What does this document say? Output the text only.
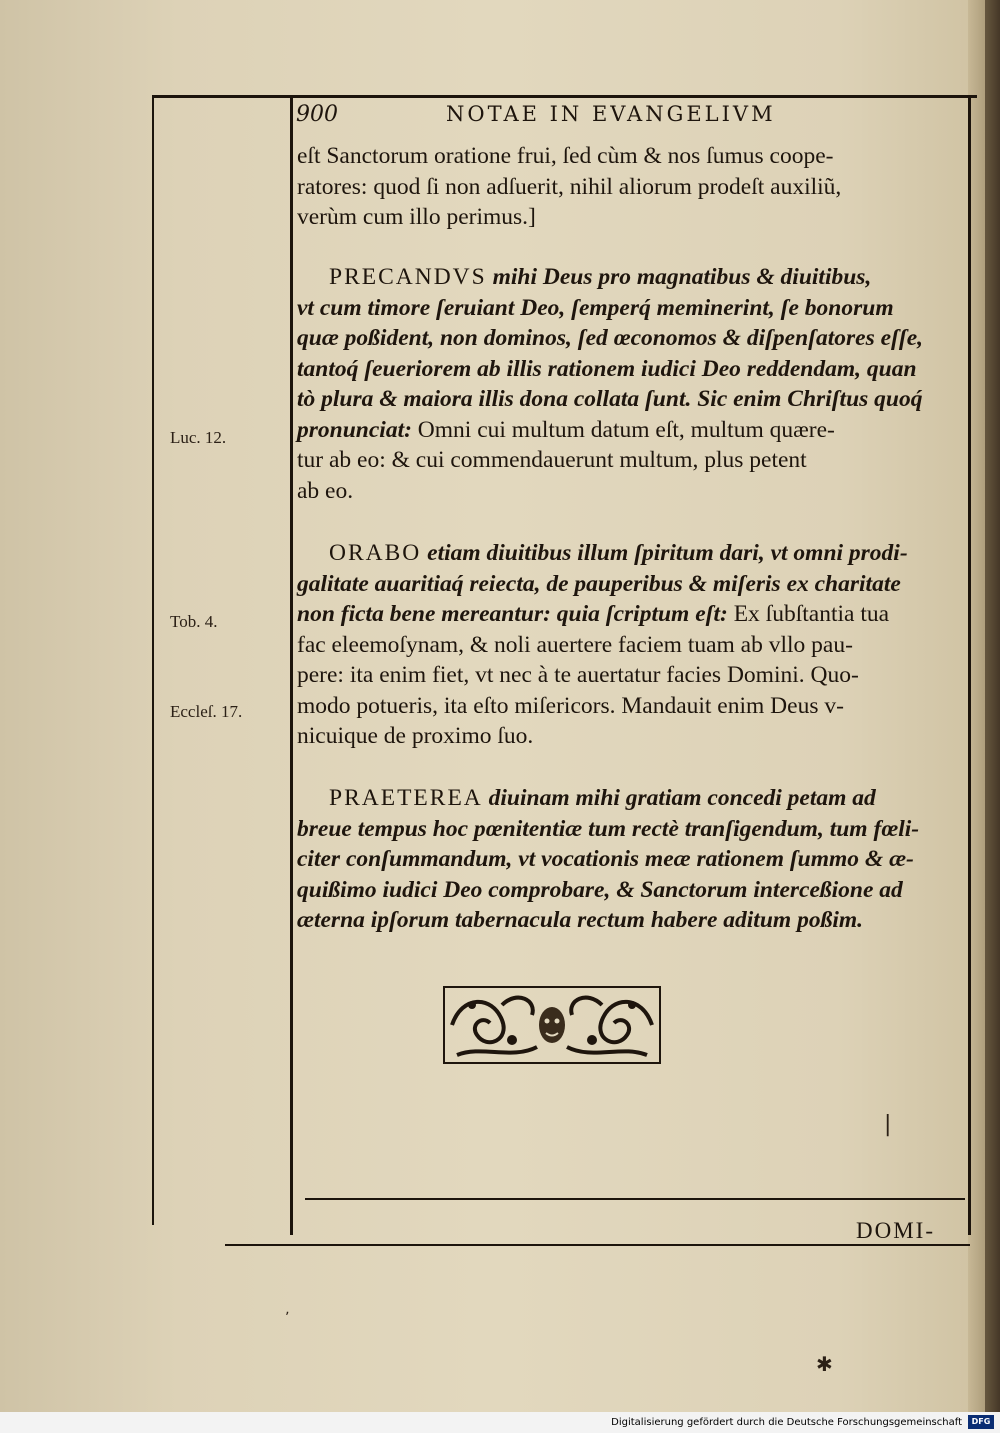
900	NOTAE IN EVANGELIVM

eſt Sanctorum oratione frui, ſed cùm & nos ſumus coope-

ratores: quod ſi non adſuerit, nihil aliorum prodeſt auxiliũ,

verùm cum illo perimus.]

PRECANDVS mihi Deus pro magnatibus & diuitibus,

vt cum timore ſeruiant Deo, ſemperq́ meminerint, ſe bonorum

quæ poßident, non dominos, ſed œconomos & diſpenſatores eſſe,

tantoq́ ſeueriorem ab illis rationem iudici Deo reddendam, quan

tò plura & maiora illis dona collata ſunt. Sic enim Chriſtus quoq́

pronunciat: Omni cui multum datum eſt, multum quære-

tur ab eo: & cui commendauerunt multum, plus petent

ab eo.

ORABO etiam diuitibus illum ſpiritum dari, vt omni prodi-

galitate auaritiaq́ reiecta, de pauperibus & miſeris ex charitate

non ficta bene mereantur: quia ſcriptum eſt: Ex ſubſtantia tua

fac eleemoſynam, & noli auertere faciem tuam ab vllo pau-

pere: ita enim fiet, vt nec à te auertatur facies Domini. Quo-

modo potueris, ita eſto miſericors. Mandauit enim Deus v-

nicuique de proximo ſuo.

PRAETEREA diuinam mihi gratiam concedi petam ad

breue tempus hoc pœnitentiæ tum rectè tranſigendum, tum fœli-

citer conſummandum, vt vocationis meæ rationem ſummo & æ-

quißimo iudici Deo comprobare, & Sanctorum interceßione ad

æterna ipſorum tabernacula rectum habere aditum poßim.

Luc. 12.
Tob. 4.
Eccleſ. 17.
DOMI-
ʼ
✱
|
Digitalisierung gefördert durch die Deutsche Forschungsgemeinschaft	DFG
